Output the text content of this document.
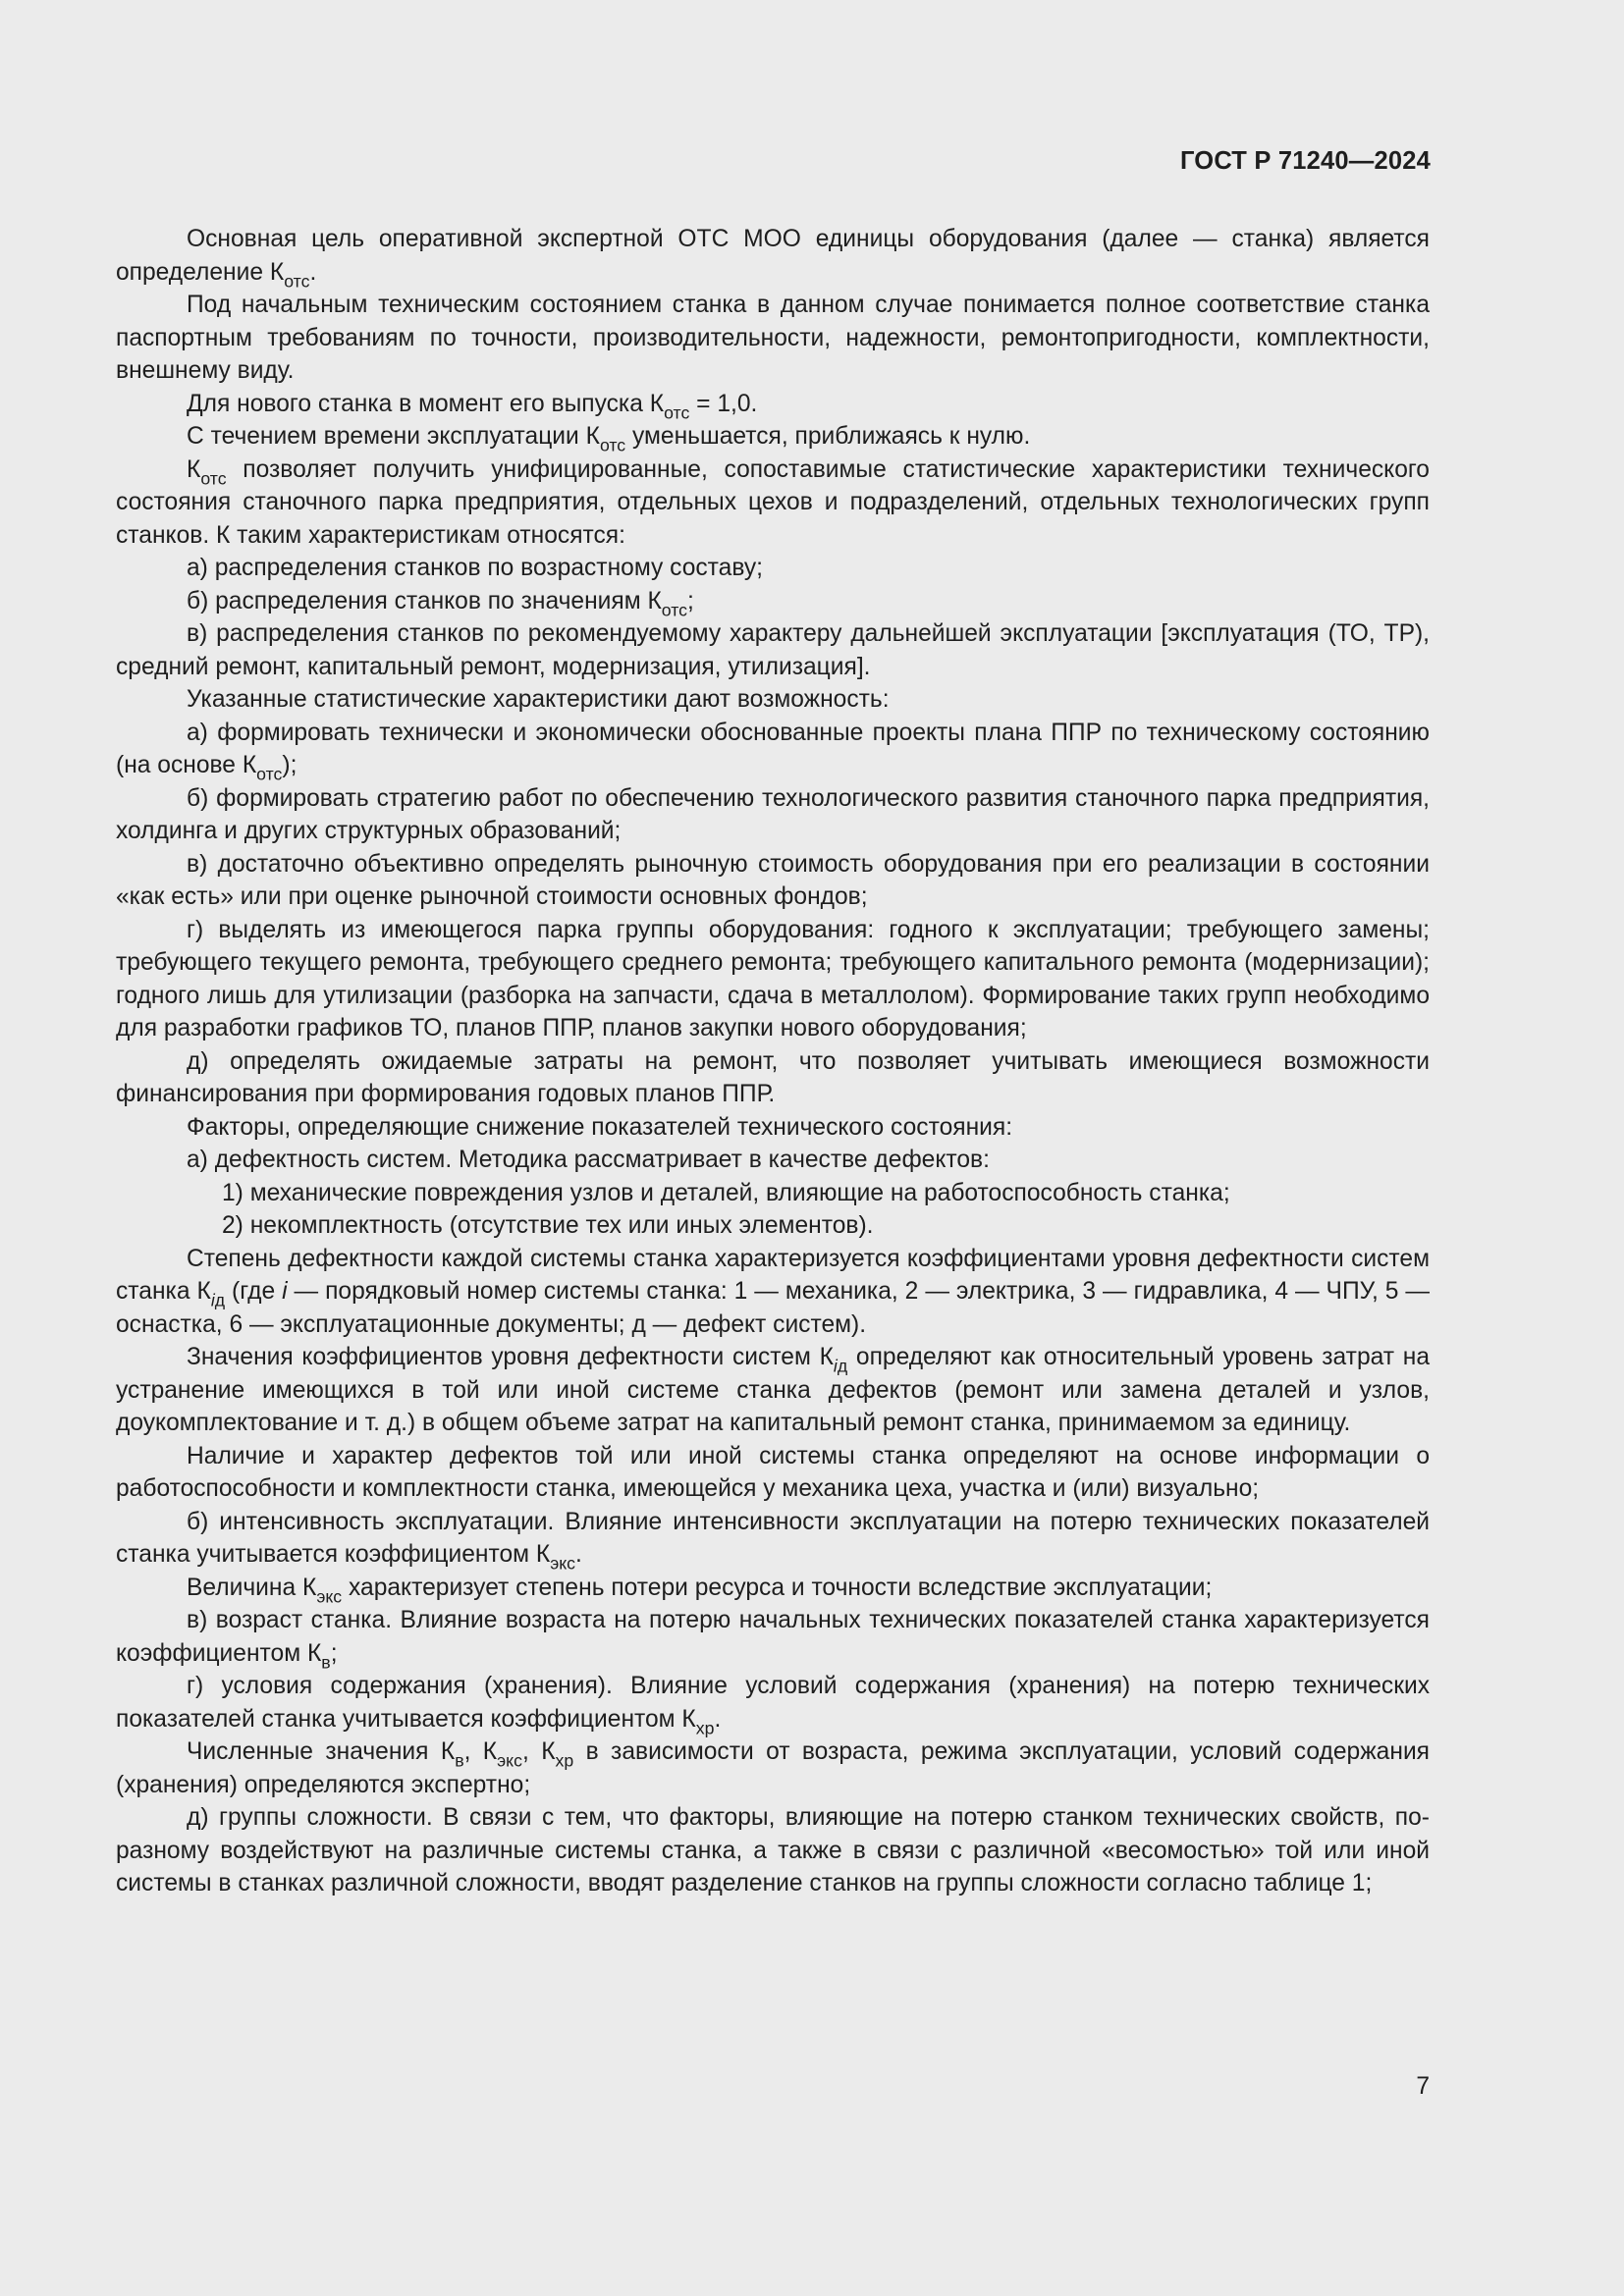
ГОСТ Р 71240—2024

Основная цель оперативной экспертной ОТС МОО единицы оборудования (далее — станка) является определение $К_{отс}$.

Под начальным техническим состоянием станка в данном случае понимается полное соответствие станка паспортным требованиям по точности, производительности, надежности, ремонтопригодности, комплектности, внешнему виду.

Для нового станка в момент его выпуска $К_{отс} = 1,0$.

С течением времени эксплуатации $К_{отс}$ уменьшается, приближаясь к нулю.

$К_{отс}$ позволяет получить унифицированные, сопоставимые статистические характеристики технического состояния станочного парка предприятия, отдельных цехов и подразделений, отдельных технологических групп станков. К таким характеристикам относятся:

а) распределения станков по возрастному составу;

б) распределения станков по значениям $К_{отс}$;

в) распределения станков по рекомендуемому характеру дальнейшей эксплуатации [эксплуатация (ТО, ТР), средний ремонт, капитальный ремонт, модернизация, утилизация].

Указанные статистические характеристики дают возможность:

а) формировать технически и экономически обоснованные проекты плана ППР по техническому состоянию (на основе $К_{отс}$);

б) формировать стратегию работ по обеспечению технологического развития станочного парка предприятия, холдинга и других структурных образований;

в) достаточно объективно определять рыночную стоимость оборудования при его реализации в состоянии «как есть» или при оценке рыночной стоимости основных фондов;

г) выделять из имеющегося парка группы оборудования: годного к эксплуатации; требующего замены; требующего текущего ремонта, требующего среднего ремонта; требующего капитального ремонта (модернизации); годного лишь для утилизации (разборка на запчасти, сдача в металлолом). Формирование таких групп необходимо для разработки графиков ТО, планов ППР, планов закупки нового оборудования;

д) определять ожидаемые затраты на ремонт, что позволяет учитывать имеющиеся возможности финансирования при формирования годовых планов ППР.

Факторы, определяющие снижение показателей технического состояния:

а) дефектность систем. Методика рассматривает в качестве дефектов:

1) механические повреждения узлов и деталей, влияющие на работоспособность станка;

2) некомплектность (отсутствие тех или иных элементов).

Степень дефектности каждой системы станка характеризуется коэффициентами уровня дефектности систем станка $К_{iд}$ (где i — порядковый номер системы станка: 1 — механика, 2 — электрика, 3 — гидравлика, 4 — ЧПУ, 5 — оснастка, 6 — эксплуатационные документы; д — дефект систем).

Значения коэффициентов уровня дефектности систем $К_{iд}$ определяют как относительный уровень затрат на устранение имеющихся в той или иной системе станка дефектов (ремонт или замена деталей и узлов, доукомплектование и т. д.) в общем объеме затрат на капитальный ремонт станка, принимаемом за единицу.

Наличие и характер дефектов той или иной системы станка определяют на основе информации о работоспособности и комплектности станка, имеющейся у механика цеха, участка и (или) визуально;

б) интенсивность эксплуатации. Влияние интенсивности эксплуатации на потерю технических показателей станка учитывается коэффициентом $К_{экс}$.

Величина $К_{экс}$ характеризует степень потери ресурса и точности вследствие эксплуатации;

в) возраст станка. Влияние возраста на потерю начальных технических показателей станка характеризуется коэффициентом $К_в$;

г) условия содержания (хранения). Влияние условий содержания (хранения) на потерю технических показателей станка учитывается коэффициентом $К_{хр}$.

Численные значения $К_в$, $К_{экс}$, $К_{хр}$ в зависимости от возраста, режима эксплуатации, условий содержания (хранения) определяются экспертно;

д) группы сложности. В связи с тем, что факторы, влияющие на потерю станком технических свойств, по-разному воздействуют на различные системы станка, а также в связи с различной «весомостью» той или иной системы в станках различной сложности, вводят разделение станков на группы сложности согласно таблице 1;

7
